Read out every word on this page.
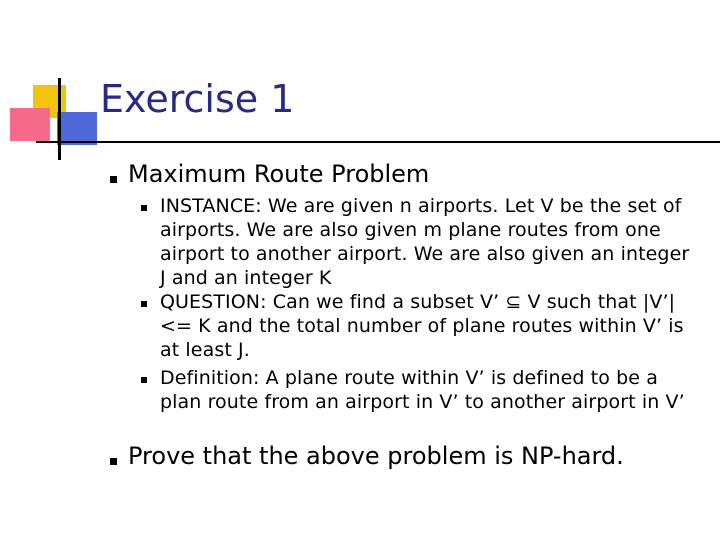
Exercise 1
Maximum Route Problem
INSTANCE: We are given n airports. Let V be the set of airports. We are also given m plane routes from one airport to another airport. We are also given an integer J and an integer K
QUESTION: Can we find a subset V’ ⊆ V such that |V’| <= K and the total number of plane routes within V’ is at least J.
Definition: A plane route within V’ is defined to be a plan route from an airport in V’ to another airport in V’
Prove that the above problem is NP-hard.
